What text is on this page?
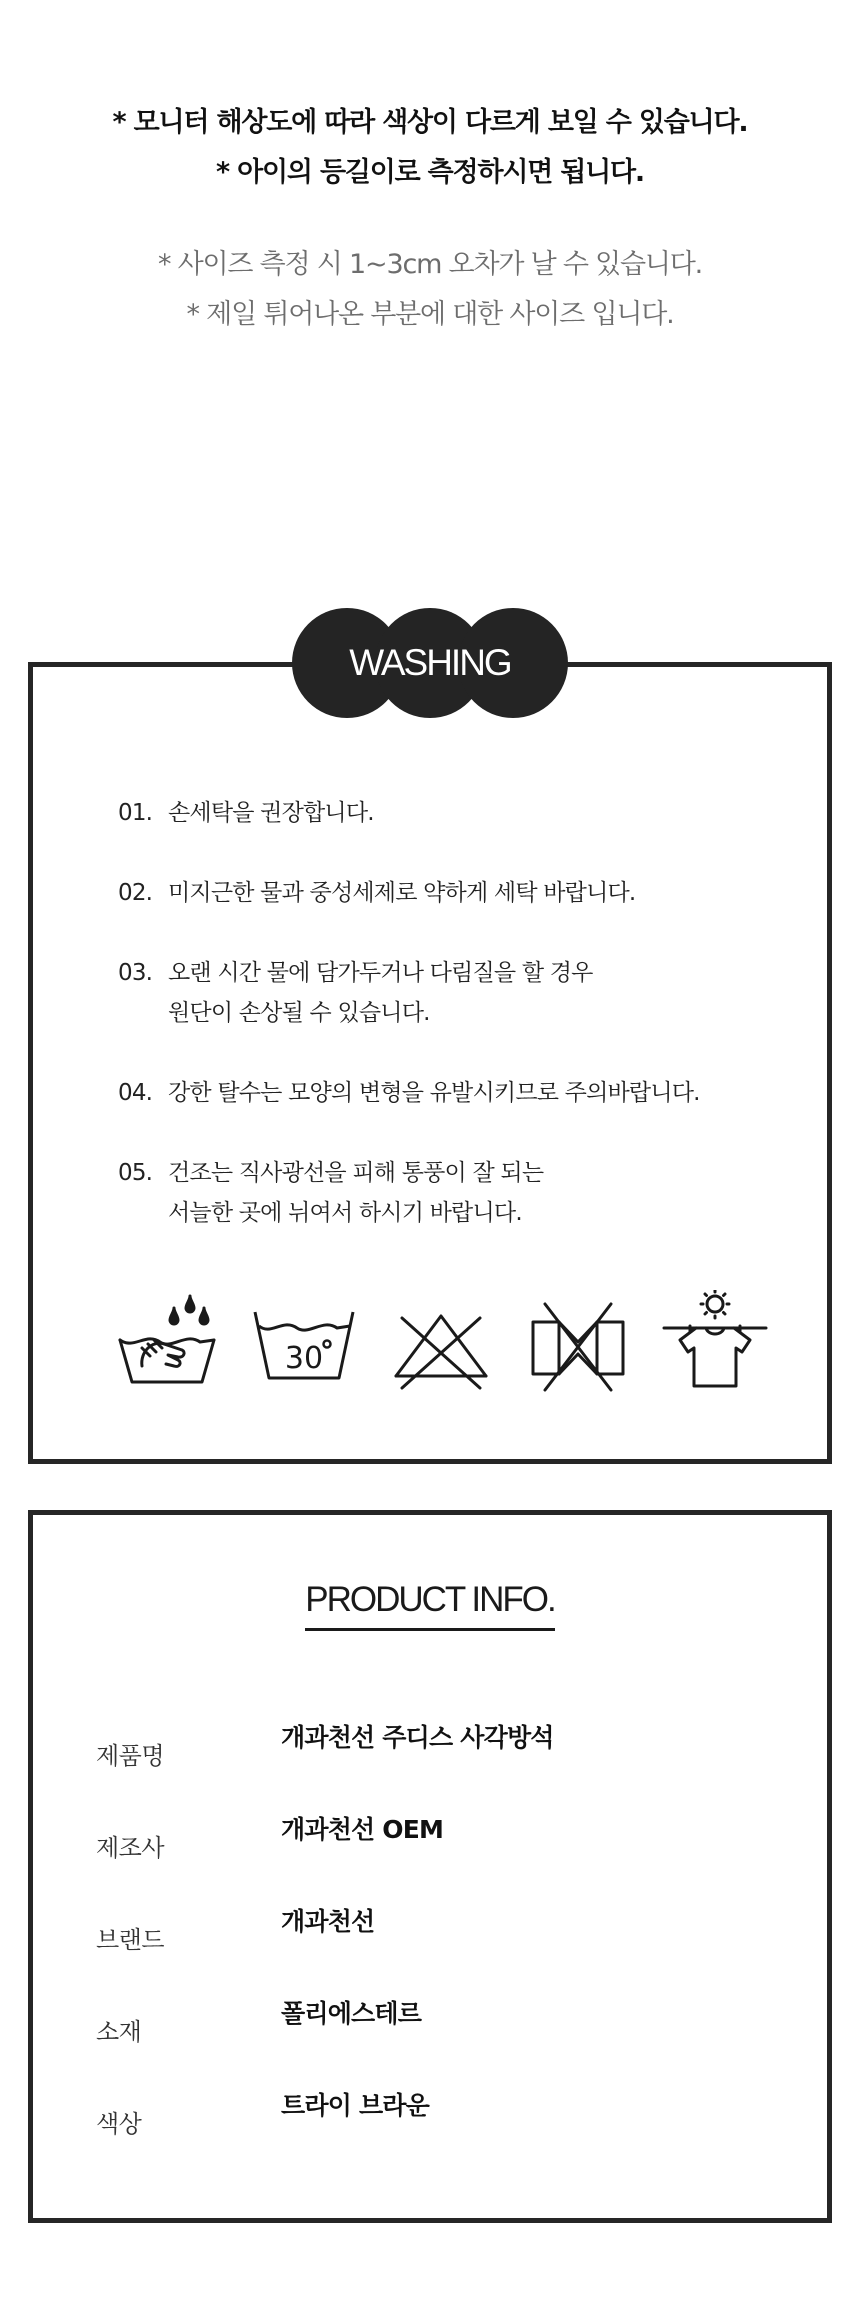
* 모니터 해상도에 따라 색상이 다르게 보일 수 있습니다.

* 아이의 등길이로 측정하시면 됩니다.

* 사이즈 측정 시 1~3cm 오차가 날 수 있습니다.

* 제일 튀어나온 부분에 대한 사이즈 입니다.

WASHING
01. 손세탁을 권장합니다.

02. 미지근한 물과 중성세제로 약하게 세탁 바랍니다.

03. 오랜 시간 물에 담가두거나 다림질을 할 경우

원단이 손상될 수 있습니다.

04. 강한 탈수는 모양의 변형을 유발시키므로 주의바랍니다.

05. 건조는 직사광선을 피해 통풍이 잘 되는

서늘한 곳에 뉘여서 하시기 바랍니다.

30
PRODUCT INFO.
제품명
개과천선 주디스 사각방석
제조사
개과천선 OEM
브랜드
개과천선
소재
폴리에스테르
색상
트라이 브라운
